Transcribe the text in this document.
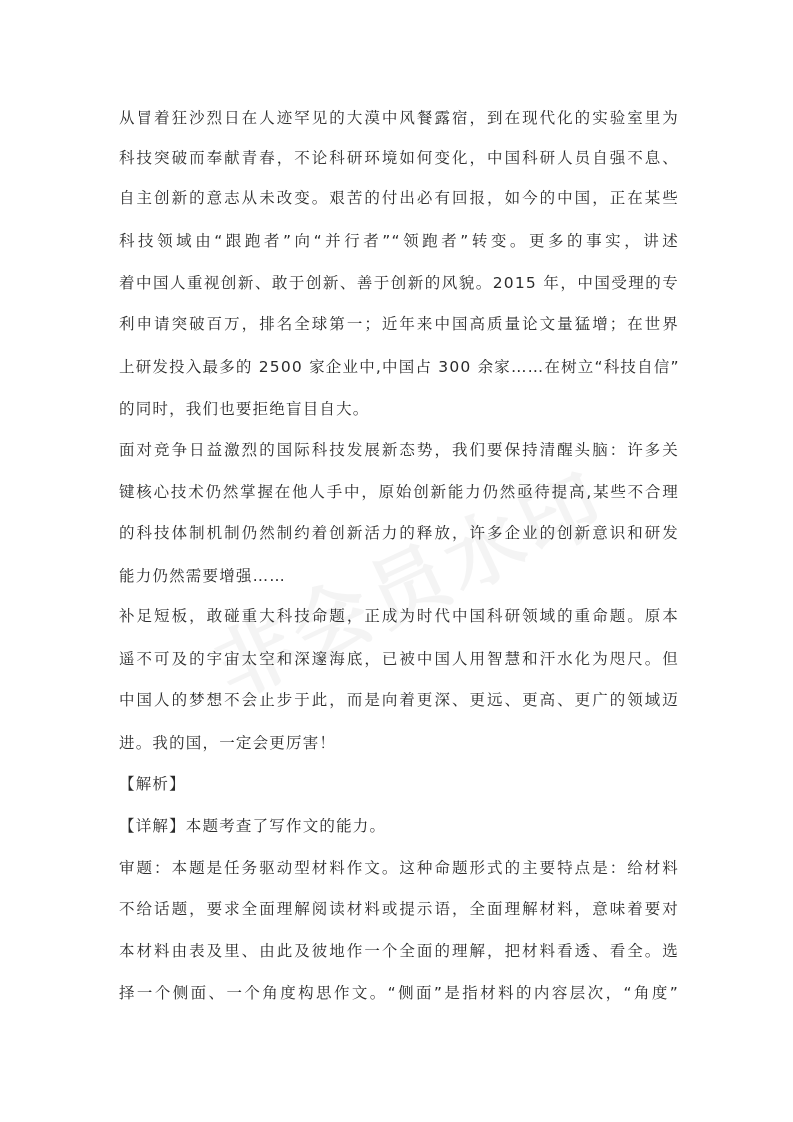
从冒着狂沙烈日在人迹罕见的大漠中风餐露宿，到在现代化的实验室里为
科技突破而奉献青春，不论科研环境如何变化，中国科研人员自强不息、
自主创新的意志从未改变。艰苦的付出必有回报，如今的中国，正在某些
科技领域由“跟跑者”向“并行者”“领跑者”转变。更多的事实，讲述
着中国人重视创新、敢于创新、善于创新的风貌。2015 年，中国受理的专
利申请突破百万，排名全球第一；近年来中国高质量论文量猛增；在世界
上研发投入最多的 2500 家企业中,中国占 300 余家……在树立“科技自信”
的同时，我们也要拒绝盲目自大。
面对竞争日益激烈的国际科技发展新态势，我们要保持清醒头脑：许多关
键核心技术仍然掌握在他人手中，原始创新能力仍然亟待提高,某些不合理
的科技体制机制仍然制约着创新活力的释放，许多企业的创新意识和研发
能力仍然需要增强……
补足短板，敢碰重大科技命题，正成为时代中国科研领域的重命题。原本
遥不可及的宇宙太空和深邃海底，已被中国人用智慧和汗水化为咫尺。但
中国人的梦想不会止步于此，而是向着更深、更远、更高、更广的领域迈
进。我的国，一定会更厉害！
【解析】
【详解】本题考查了写作文的能力。
审题：本题是任务驱动型材料作文。这种命题形式的主要特点是：给材料
不给话题，要求全面理解阅读材料或提示语，全面理解材料，意味着要对
本材料由表及里、由此及彼地作一个全面的理解，把材料看透、看全。选
择一个侧面、一个角度构思作文。“侧面”是指材料的内容层次，“角度”
